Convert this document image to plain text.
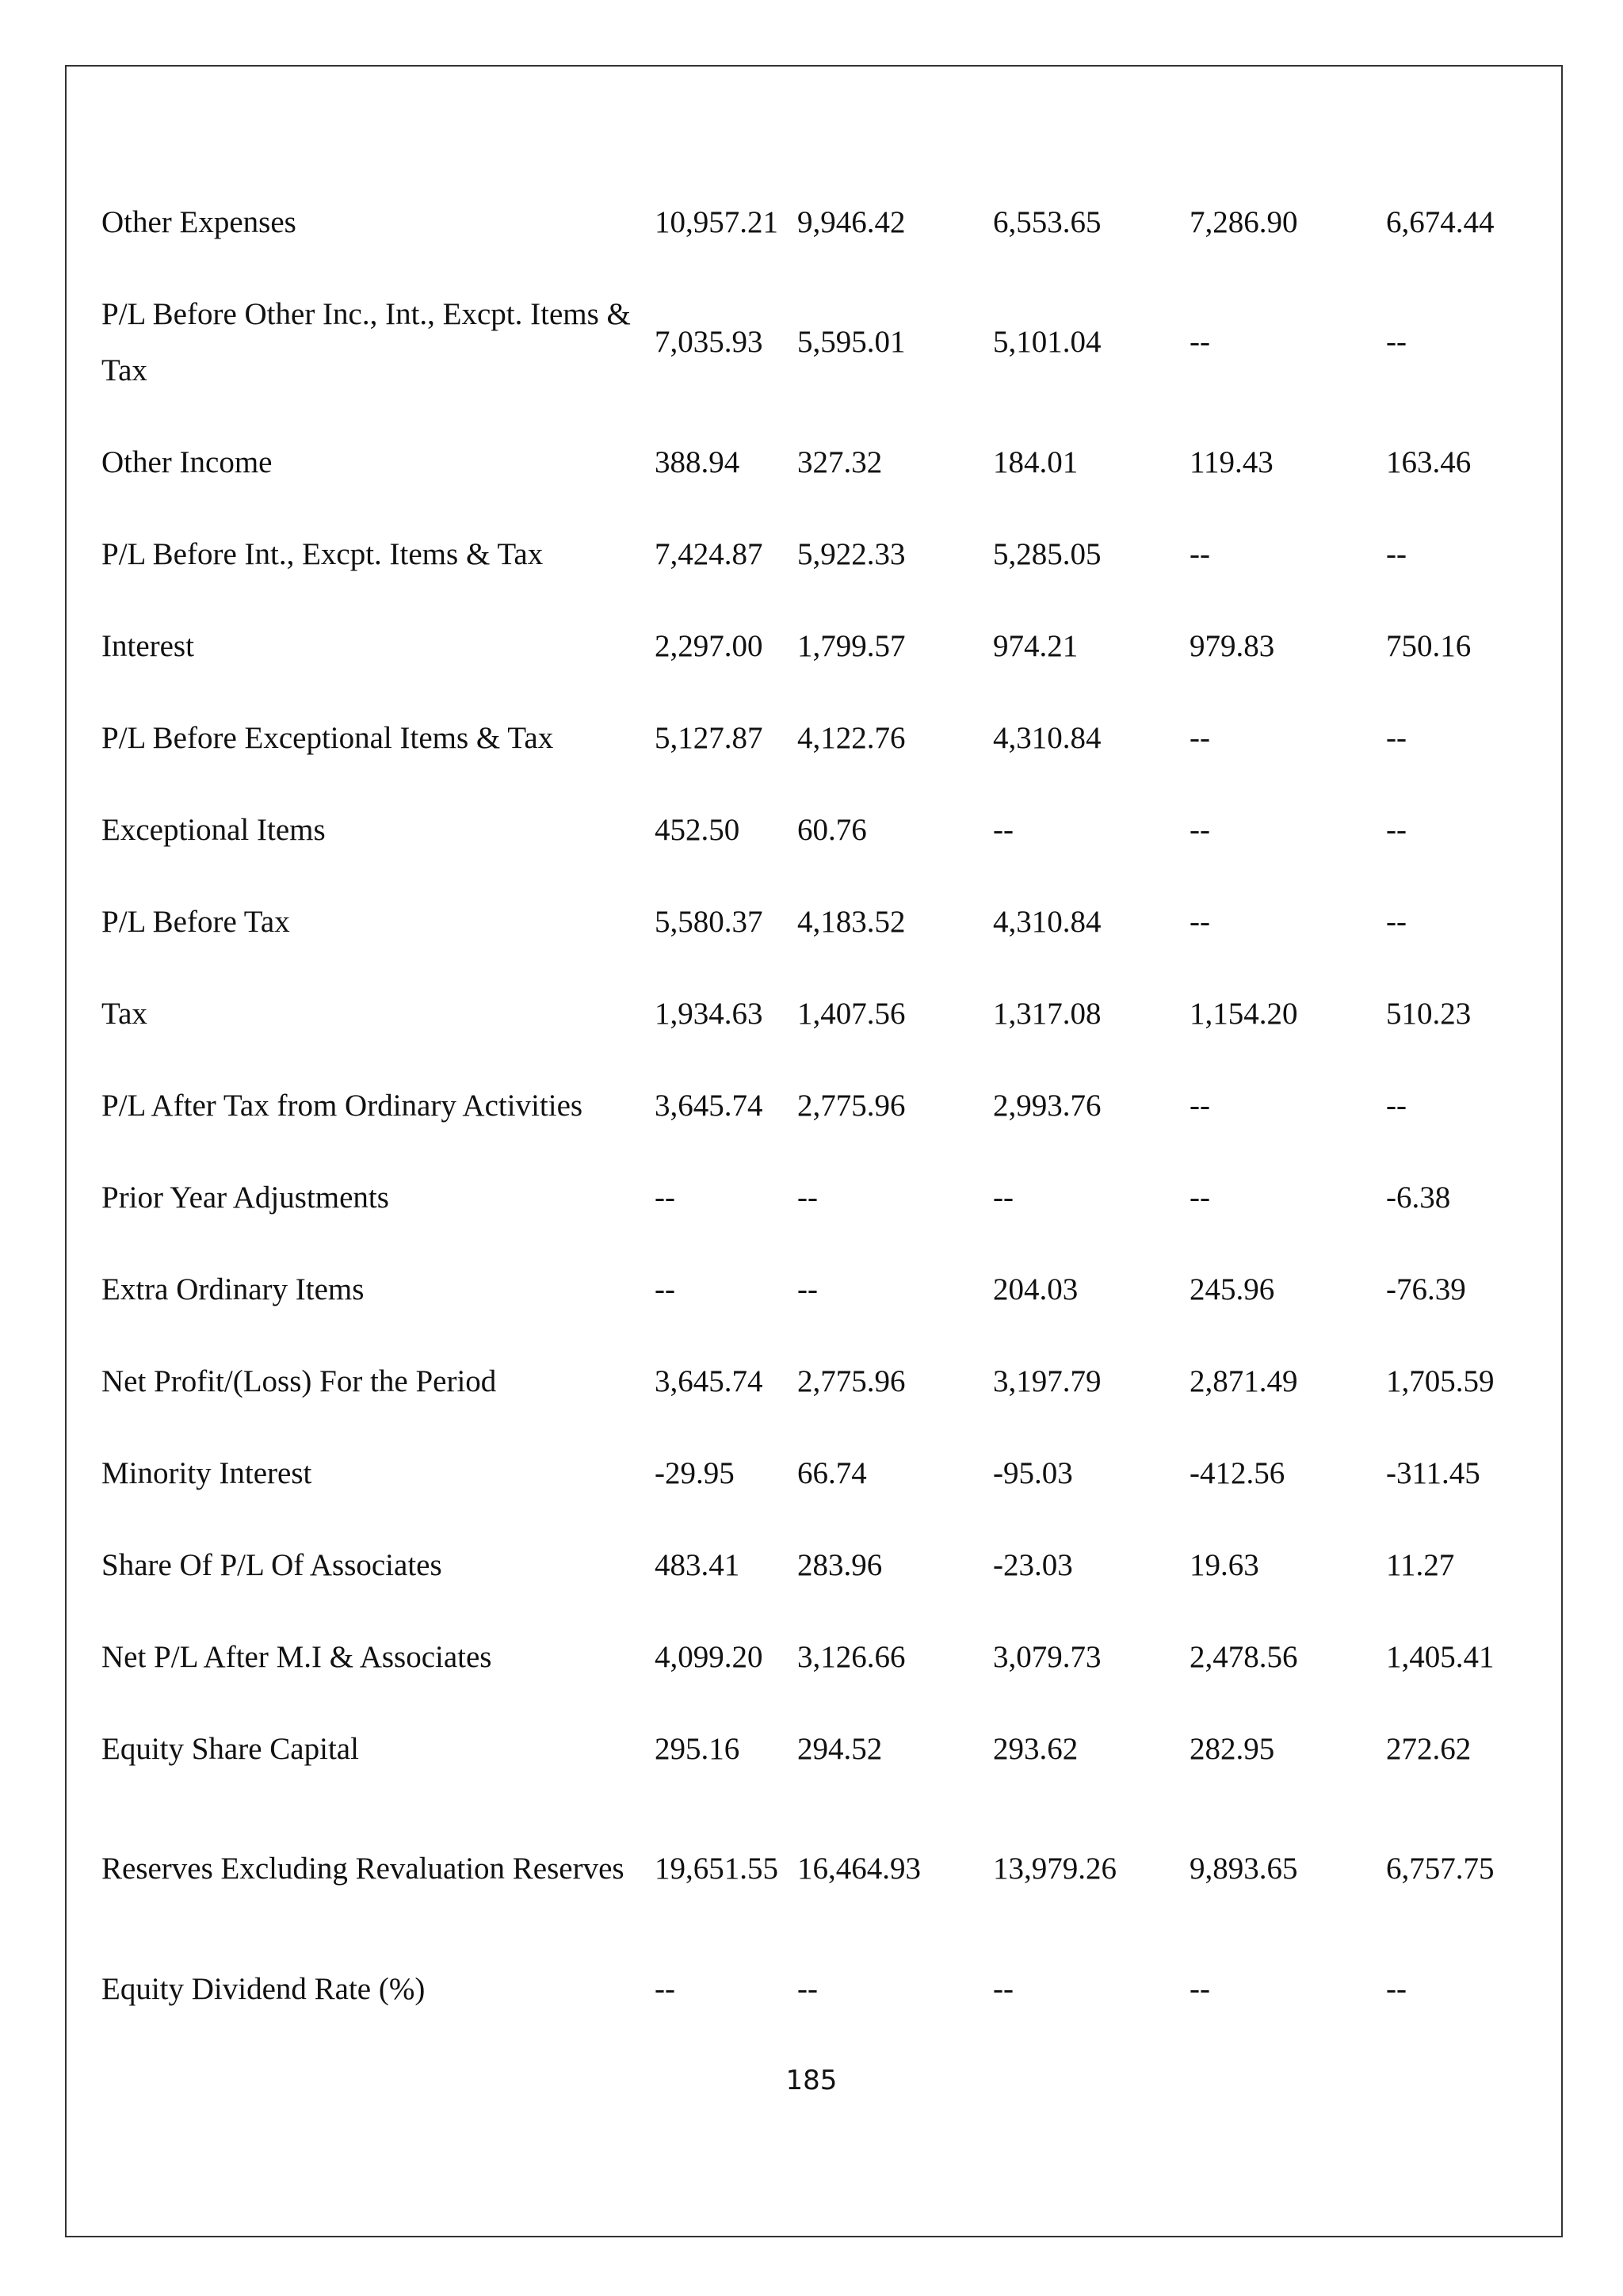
Other Expenses	10,957.21	9,946.42	6,553.65	7,286.90	6,674.44
P/L Before Other Inc., Int., Excpt. Items & Tax	7,035.93	5,595.01	5,101.04	--	--
Other Income	388.94	327.32	184.01	119.43	163.46
P/L Before Int., Excpt. Items & Tax	7,424.87	5,922.33	5,285.05	--	--
Interest	2,297.00	1,799.57	974.21	979.83	750.16
P/L Before Exceptional Items & Tax	5,127.87	4,122.76	4,310.84	--	--
Exceptional Items	452.50	60.76	--	--	--
P/L Before Tax	5,580.37	4,183.52	4,310.84	--	--
Tax	1,934.63	1,407.56	1,317.08	1,154.20	510.23
P/L After Tax from Ordinary Activities	3,645.74	2,775.96	2,993.76	--	--
Prior Year Adjustments	--	--	--	--	-6.38
Extra Ordinary Items	--	--	204.03	245.96	-76.39
Net Profit/(Loss) For the Period	3,645.74	2,775.96	3,197.79	2,871.49	1,705.59
Minority Interest	-29.95	66.74	-95.03	-412.56	-311.45
Share Of P/L Of Associates	483.41	283.96	-23.03	19.63	11.27
Net P/L After M.I & Associates	4,099.20	3,126.66	3,079.73	2,478.56	1,405.41
Equity Share Capital	295.16	294.52	293.62	282.95	272.62
Reserves Excluding Revaluation Reserves	19,651.55	16,464.93	13,979.26	9,893.65	6,757.75
Equity Dividend Rate (%)	--	--	--	--	--
185
